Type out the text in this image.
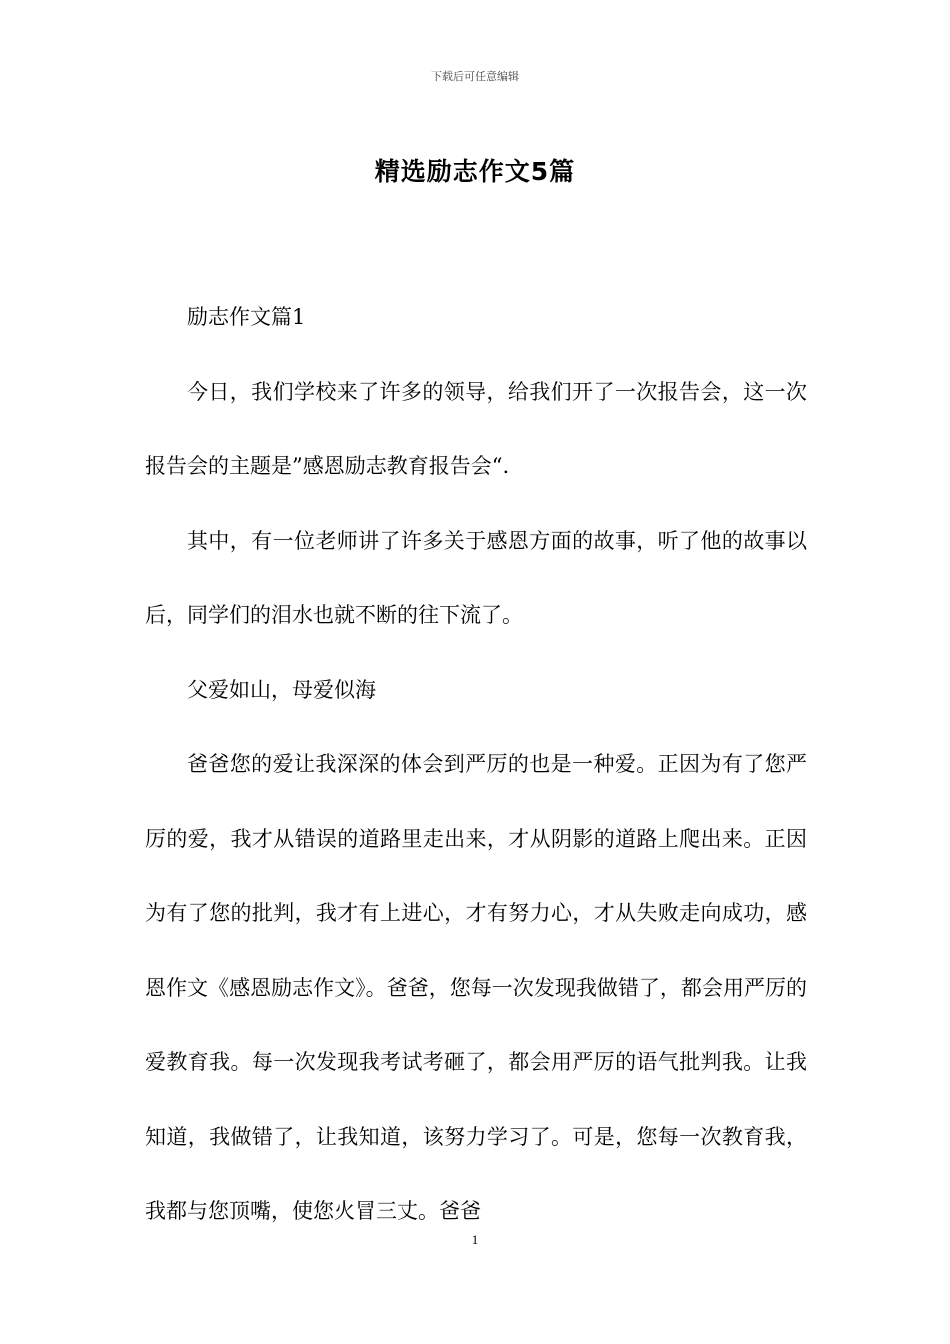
下载后可任意编辑
精选励志作文5篇

励志作文篇1

今日，我们学校来了许多的领导，给我们开了一次报告会，这一次报告会的主题是”感恩励志教育报告会“.

其中，有一位老师讲了许多关于感恩方面的故事，听了他的故事以后，同学们的泪水也就不断的往下流了。

父爱如山，母爱似海

爸爸您的爱让我深深的体会到严厉的也是一种爱。正因为有了您严厉的爱，我才从错误的道路里走出来，才从阴影的道路上爬出来。正因为有了您的批判，我才有上进心，才有努力心，才从失败走向成功，感恩作文《感恩励志作文》。爸爸，您每一次发现我做错了，都会用严厉的爱教育我。每一次发现我考试考砸了，都会用严厉的语气批判我。让我知道，我做错了，让我知道，该努力学习了。可是，您每一次教育我，我都与您顶嘴，使您火冒三丈。爸爸

1
